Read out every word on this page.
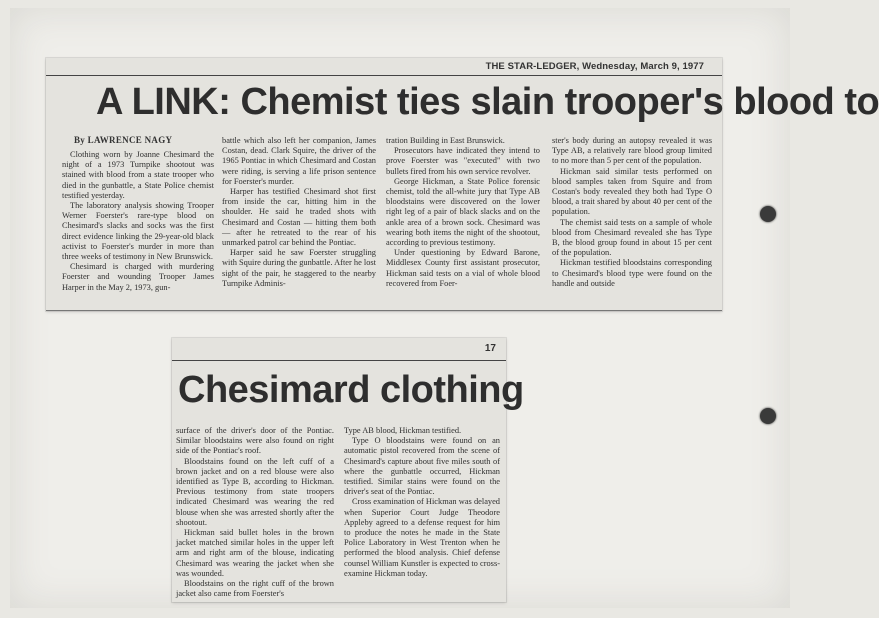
THE STAR-LEDGER, Wednesday, March 9, 1977
A LINK: Chemist ties slain trooper's blood to
By LAWRENCE NAGY

Clothing worn by Joanne Chesimard the night of a 1973 Turnpike shootout was stained with blood from a state trooper who died in the gunbattle, a State Police chemist testified yesterday.

The laboratory analysis showing Trooper Werner Foerster's rare-type blood on Chesimard's slacks and socks was the first direct evidence linking the 29-year-old black activist to Foerster's murder in more than three weeks of testimony in New Brunswick.

Chesimard is charged with murdering Foerster and wounding Trooper James Harper in the May 2, 1973, gun-

battle which also left her companion, James Costan, dead. Clark Squire, the driver of the 1965 Pontiac in which Chesimard and Costan were riding, is serving a life prison sentence for Foerster's murder.

Harper has testified Chesimard shot first from inside the car, hitting him in the shoulder. He said he traded shots with Chesimard and Costan — hitting them both — after he retreated to the rear of his unmarked patrol car behind the Pontiac.

Harper said he saw Foerster struggling with Squire during the gunbattle. After he lost sight of the pair, he staggered to the nearby Turnpike Adminis-

tration Building in East Brunswick.

Prosecutors have indicated they intend to prove Foerster was "executed" with two bullets fired from his own service revolver.

George Hickman, a State Police forensic chemist, told the all-white jury that Type AB bloodstains were discovered on the lower right leg of a pair of black slacks and on the ankle area of a brown sock. Chesimard was wearing both items the night of the shootout, according to previous testimony.

Under questioning by Edward Barone, Middlesex County first assistant prosecutor, Hickman said tests on a vial of whole blood recovered from Foer-

ster's body during an autopsy revealed it was Type AB, a relatively rare blood group limited to no more than 5 per cent of the population.

Hickman said similar tests performed on blood samples taken from Squire and from Costan's body revealed they both had Type O blood, a trait shared by about 40 per cent of the population.

The chemist said tests on a sample of whole blood from Chesimard revealed she has Type B, the blood group found in about 15 per cent of the population.

Hickman testified bloodstains corresponding to Chesimard's blood type were found on the handle and outside

17
Chesimard clothing

surface of the driver's door of the Pontiac. Similar bloodstains were also found on right side of the Pontiac's roof.

Bloodstains found on the left cuff of a brown jacket and on a red blouse were also identified as Type B, according to Hickman. Previous testimony from state troopers indicated Chesimard was wearing the red blouse when she was arrested shortly after the shootout.

Hickman said bullet holes in the brown jacket matched similar holes in the upper left arm and right arm of the blouse, indicating Chesimard was wearing the jacket when she was wounded.

Bloodstains on the right cuff of the brown jacket also came from Foerster's

Type AB blood, Hickman testified.

Type O bloodstains were found on an automatic pistol recovered from the scene of Chesimard's capture about five miles south of where the gunbattle occurred, Hickman testified. Similar stains were found on the driver's seat of the Pontiac.

Cross examination of Hickman was delayed when Superior Court Judge Theodore Appleby agreed to a defense request for him to produce the notes he made in the State Police Laboratory in West Trenton when he performed the blood analysis. Chief defense counsel William Kunstler is expected to cross-examine Hickman today.
